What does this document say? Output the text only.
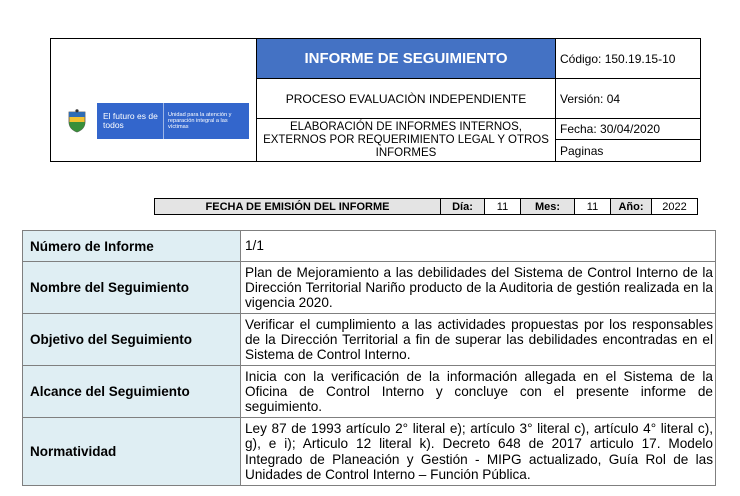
El futuro es de todos
Unidad para la atención y reparación integral a las víctimas	INFORME DE SEGUIMIENTO	Código: 150.19.15-10
	PROCESO EVALUACIÒN INDEPENDIENTE	Versión: 04
	ELABORACIÓN DE INFORMES INTERNOS, EXTERNOS POR REQUERIMIENTO LEGAL Y OTROS INFORMES	Fecha: 30/04/2020
		Paginas
FECHA DE EMISIÓN DEL INFORME	Día:	11	Mes:	11	Año:	2022
Número de Informe	1/1
Nombre del Seguimiento	Plan de Mejoramiento a las debilidades del Sistema de Control Interno de la Dirección Territorial Nariño producto de la Auditoria de gestión realizada en la vigencia 2020.
Objetivo del Seguimiento	Verificar el cumplimiento a las actividades propuestas por los responsables de la Dirección Territorial a fin de superar las debilidades encontradas en el Sistema de Control Interno.
Alcance del Seguimiento	Inicia con la verificación de la información allegada en el Sistema de la Oficina de Control Interno y concluye con el presente informe de seguimiento.
Normatividad	Ley 87 de 1993 artículo 2° literal e); artículo 3° literal c), artículo 4° literal c), g), e i); Articulo 12 literal k). Decreto 648 de 2017 articulo 17. Modelo Integrado de Planeación y Gestión - MIPG actualizado, Guía Rol de las Unidades de Control Interno – Función Pública.
